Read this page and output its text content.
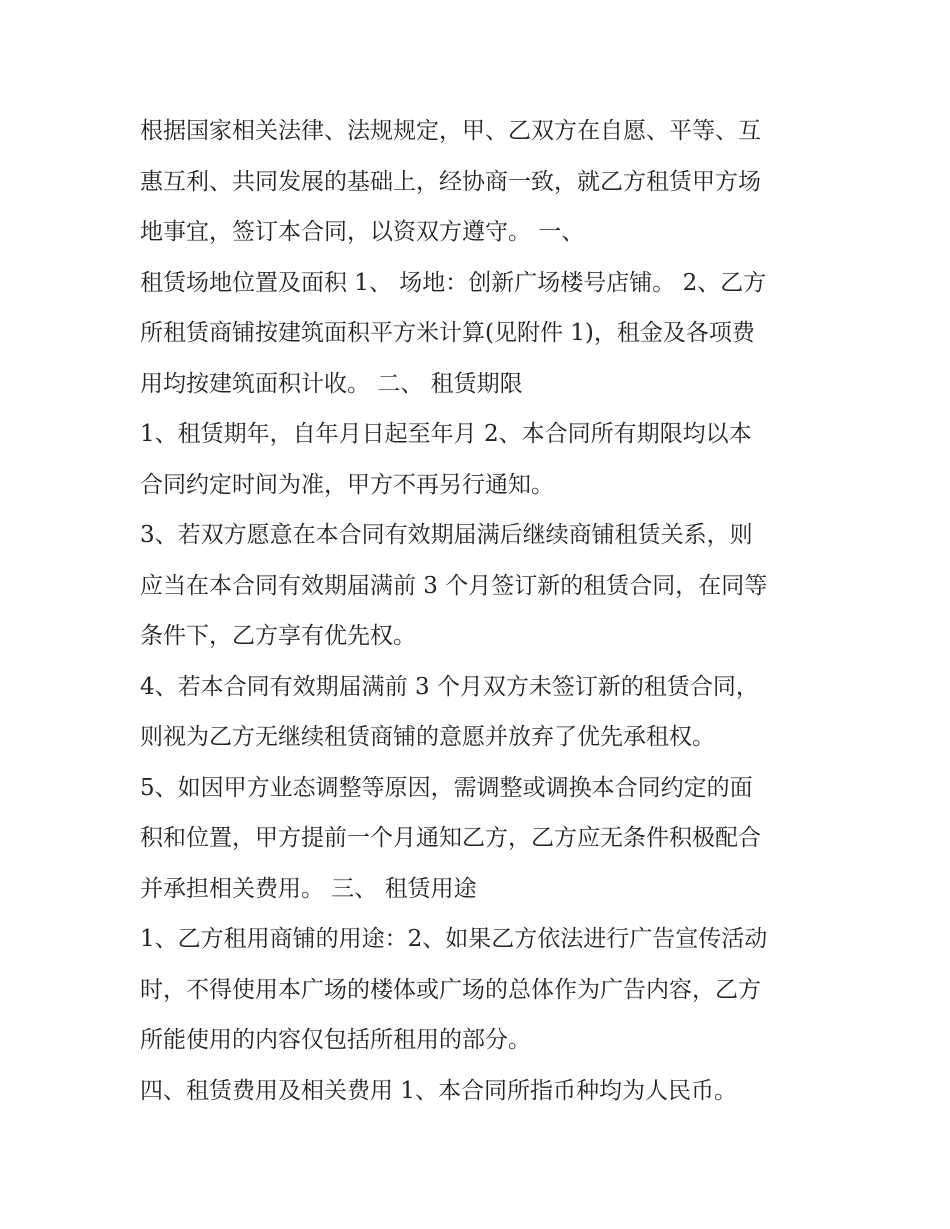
根据国家相关法律、法规规定，甲、乙双方在自愿、平等、互
惠互利、共同发展的基础上，经协商一致，就乙方租赁甲方场
地事宜，签订本合同，以资双方遵守。 一、

租赁场地位置及面积 1、 场地：创新广场楼号店铺。 2、乙方
所租赁商铺按建筑面积平方米计算(见附件 1)，租金及各项费
用均按建筑面积计收。 二、 租赁期限

1、租赁期年，自年月日起至年月 2、本合同所有期限均以本
合同约定时间为准，甲方不再另行通知。

3、若双方愿意在本合同有效期届满后继续商铺租赁关系，则
应当在本合同有效期届满前 3 个月签订新的租赁合同，在同等
条件下，乙方享有优先权。

4、若本合同有效期届满前 3 个月双方未签订新的租赁合同，
则视为乙方无继续租赁商铺的意愿并放弃了优先承租权。

5、如因甲方业态调整等原因，需调整或调换本合同约定的面
积和位置，甲方提前一个月通知乙方，乙方应无条件积极配合
并承担相关费用。 三、 租赁用途

1、乙方租用商铺的用途：2、如果乙方依法进行广告宣传活动
时，不得使用本广场的楼体或广场的总体作为广告内容，乙方
所能使用的内容仅包括所租用的部分。

四、租赁费用及相关费用 1、本合同所指币种均为人民币。
